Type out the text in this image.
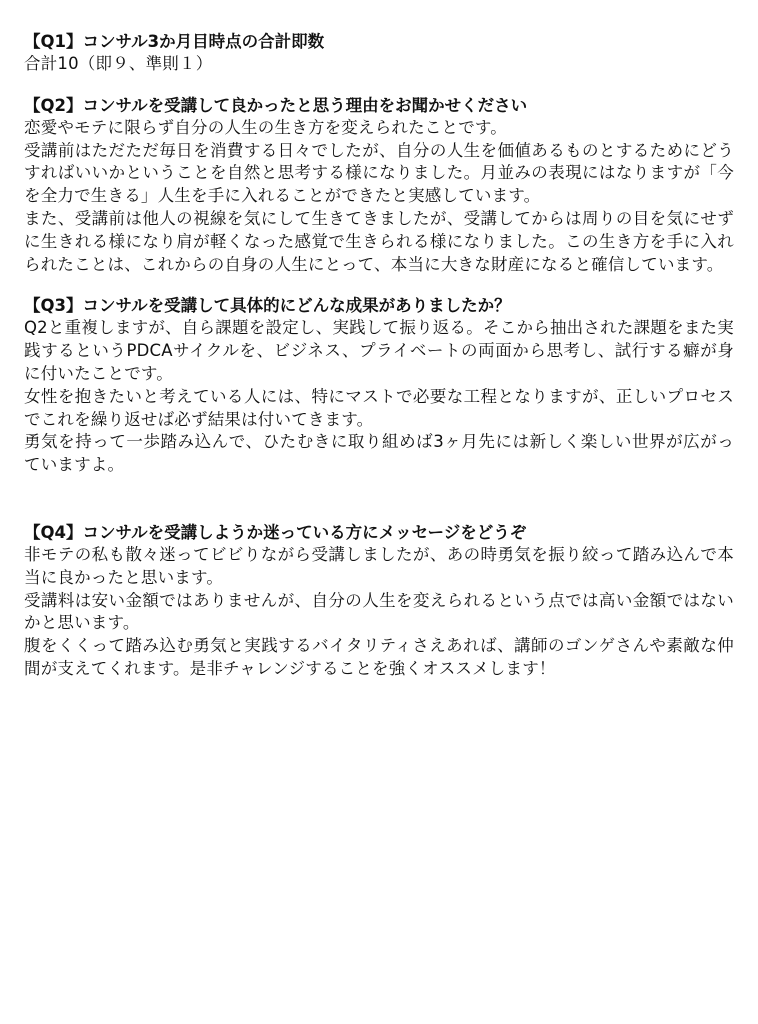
【Q1】コンサル3か月目時点の合計即数

合計10（即９、準則１）

【Q2】コンサルを受講して良かったと思う理由をお聞かせください

恋愛やモテに限らず自分の人生の生き方を変えられたことです。

受講前はただただ毎日を消費する日々でしたが、自分の人生を価値あるものとするためにどうすればいいかということを自然と思考する様になりました。月並みの表現にはなりますが「今を全力で生きる」人生を手に入れることができたと実感しています。

また、受講前は他人の視線を気にして生きてきましたが、受講してからは周りの目を気にせずに生きれる様になり肩が軽くなった感覚で生きられる様になりました。この生き方を手に入れられたことは、これからの自身の人生にとって、本当に大きな財産になると確信しています。

【Q3】コンサルを受講して具体的にどんな成果がありましたか？

Q2と重複しますが、自ら課題を設定し、実践して振り返る。そこから抽出された課題をまた実践するというPDCAサイクルを、ビジネス、プライベートの両面から思考し、試行する癖が身に付いたことです。

女性を抱きたいと考えている人には、特にマストで必要な工程となりますが、正しいプロセスでこれを繰り返せば必ず結果は付いてきます。

勇気を持って一歩踏み込んで、ひたむきに取り組めば3ヶ月先には新しく楽しい世界が広がっていますよ。

【Q4】コンサルを受講しようか迷っている方にメッセージをどうぞ

非モテの私も散々迷ってビビりながら受講しましたが、あの時勇気を振り絞って踏み込んで本当に良かったと思います。

受講料は安い金額ではありませんが、自分の人生を変えられるという点では高い金額ではないかと思います。

腹をくくって踏み込む勇気と実践するバイタリティさえあれば、講師のゴンゲさんや素敵な仲間が支えてくれます。是非チャレンジすることを強くオススメします！
